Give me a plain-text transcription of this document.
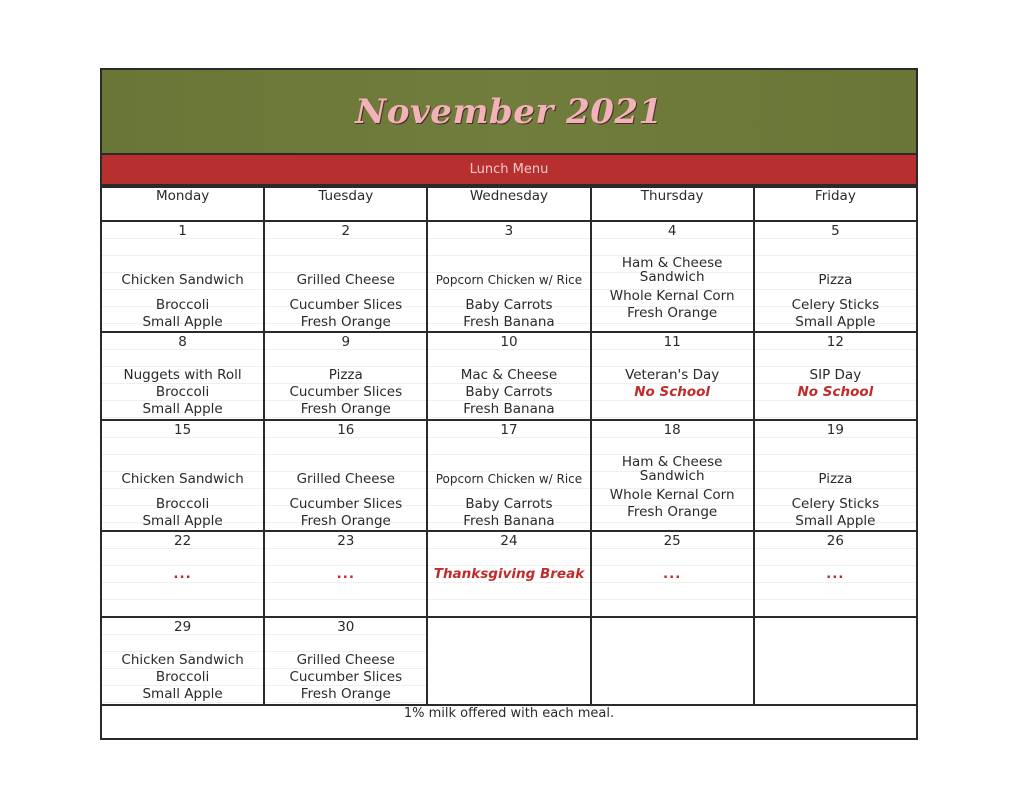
November 2021
Lunch Menu
Monday	Tuesday	Wednesday	Thursday	Friday

1
Chicken Sandwich
Broccoli
Small Apple	2
Grilled Cheese
Cucumber Slices
Fresh Orange	3
Popcorn Chicken w/ Rice
Baby Carrots
Fresh Banana	4
Ham & Cheese Sandwich
Whole Kernal Corn
Fresh Orange	5
Pizza
Celery Sticks
Small Apple

8
Nuggets with Roll
Broccoli
Small Apple	9
Pizza
Cucumber Slices
Fresh Orange	10
Mac & Cheese
Baby Carrots
Fresh Banana	11
Veteran's Day
No School	12
SIP Day
No School

15
Chicken Sandwich
Broccoli
Small Apple	16
Grilled Cheese
Cucumber Slices
Fresh Orange	17
Popcorn Chicken w/ Rice
Baby Carrots
Fresh Banana	18
Ham & Cheese Sandwich
Whole Kernal Corn
Fresh Orange	19
Pizza
Celery Sticks
Small Apple

22
...	23
...	24
Thanksgiving Break	25
...	26
...

29
Chicken Sandwich
Broccoli
Small Apple	30
Grilled Cheese
Cucumber Slices
Fresh Orange			

1% milk offered with each meal.				
